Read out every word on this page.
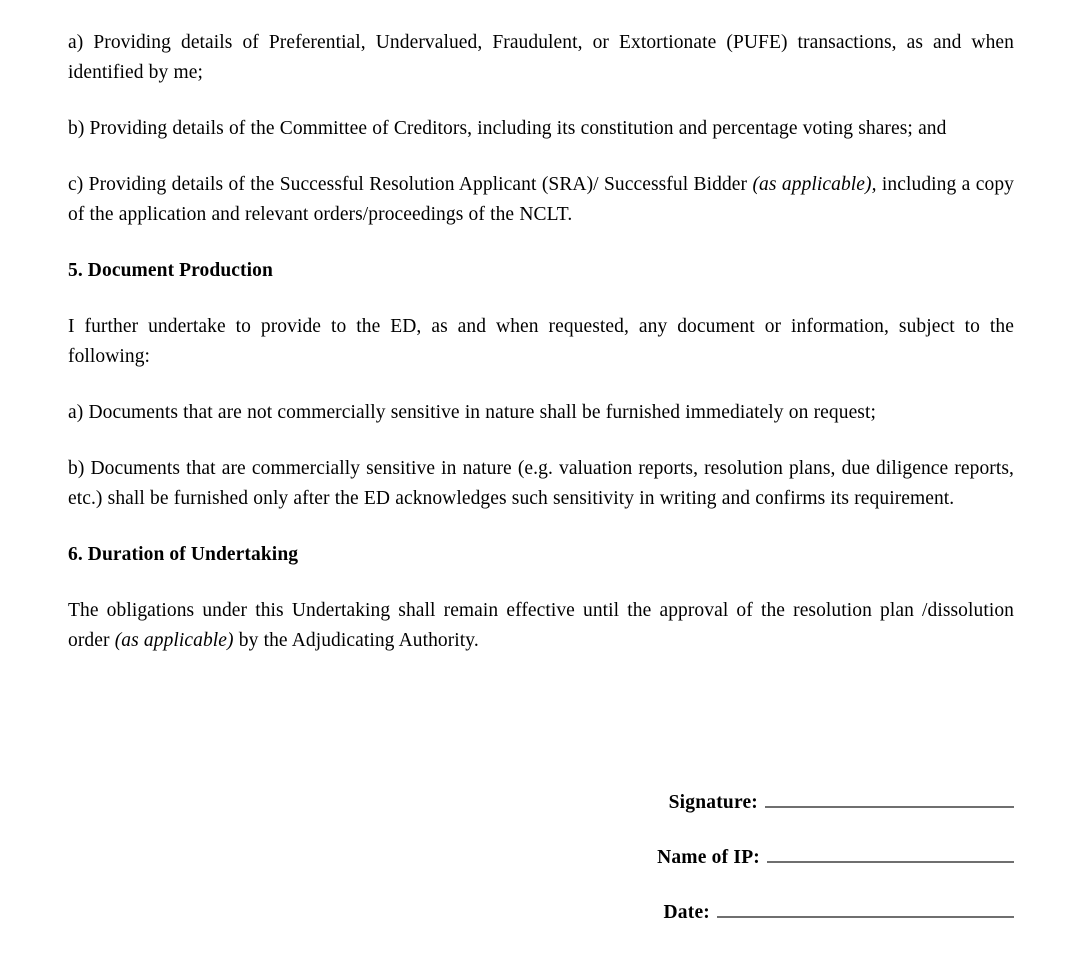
a) Providing details of Preferential, Undervalued, Fraudulent, or Extortionate (PUFE) transactions, as and when identified by me;

b) Providing details of the Committee of Creditors, including its constitution and percentage voting shares; and

c) Providing details of the Successful Resolution Applicant (SRA)/ Successful Bidder (as applicable), including a copy of the application and relevant orders/proceedings of the NCLT.

5. Document Production

I further undertake to provide to the ED, as and when requested, any document or information, subject to the following:

a) Documents that are not commercially sensitive in nature shall be furnished immediately on request;

b) Documents that are commercially sensitive in nature (e.g. valuation reports, resolution plans, due diligence reports, etc.) shall be furnished only after the ED acknowledges such sensitivity in writing and confirms its requirement.

6. Duration of Undertaking

The obligations under this Undertaking shall remain effective until the approval of the resolution plan /dissolution order (as applicable) by the Adjudicating Authority.

Signature:
Name of IP:
Date:
